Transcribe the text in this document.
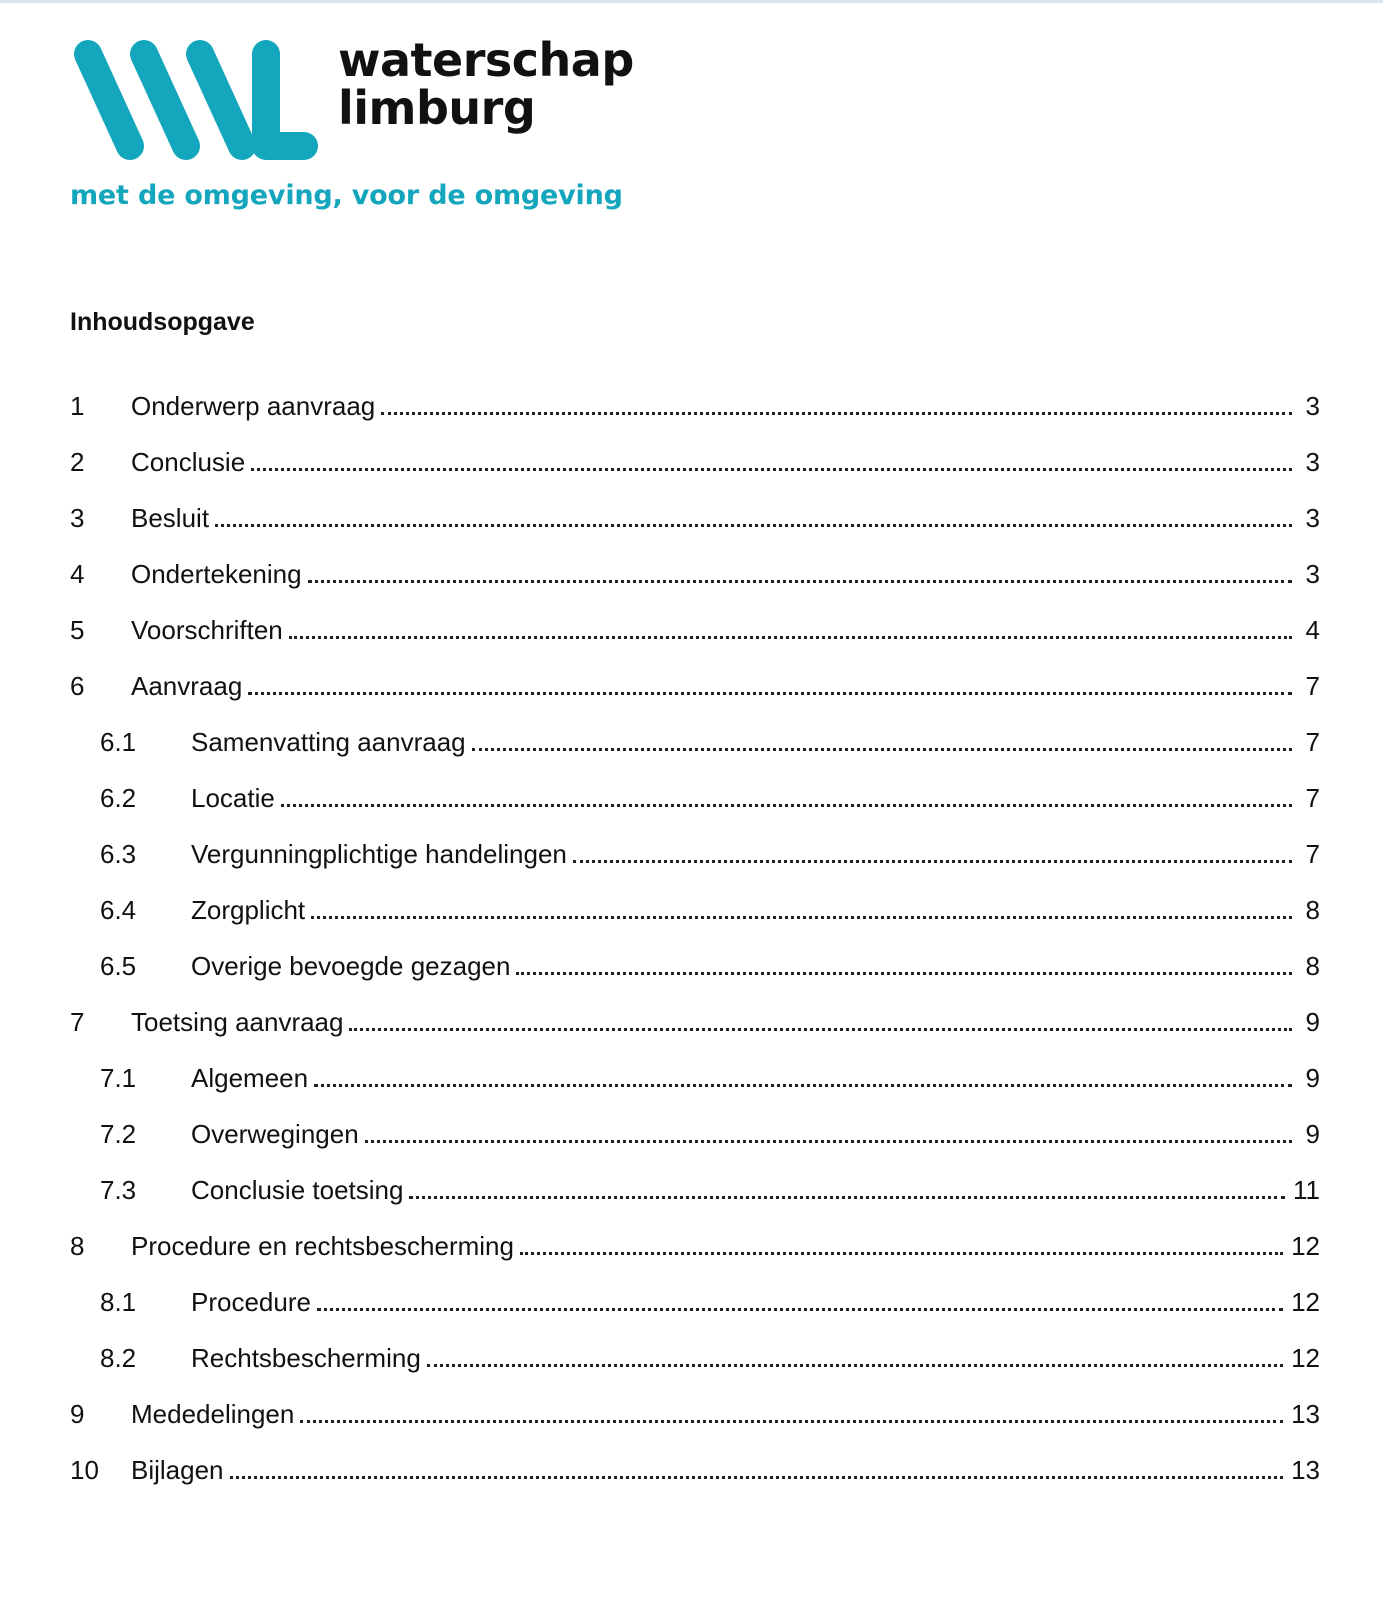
waterschap
limburg
met de omgeving, voor de omgeving
Inhoudsopgave
1	Onderwerp aanvraag	3
2	Conclusie	3
3	Besluit	3
4	Ondertekening	3
5	Voorschriften	4
6	Aanvraag	7
6.1	Samenvatting aanvraag	7
6.2	Locatie	7
6.3	Vergunningplichtige handelingen	7
6.4	Zorgplicht	8
6.5	Overige bevoegde gezagen	8
7	Toetsing aanvraag	9
7.1	Algemeen	9
7.2	Overwegingen	9
7.3	Conclusie toetsing	11
8	Procedure en rechtsbescherming	12
8.1	Procedure	12
8.2	Rechtsbescherming	12
9	Mededelingen	13
10	Bijlagen	13
